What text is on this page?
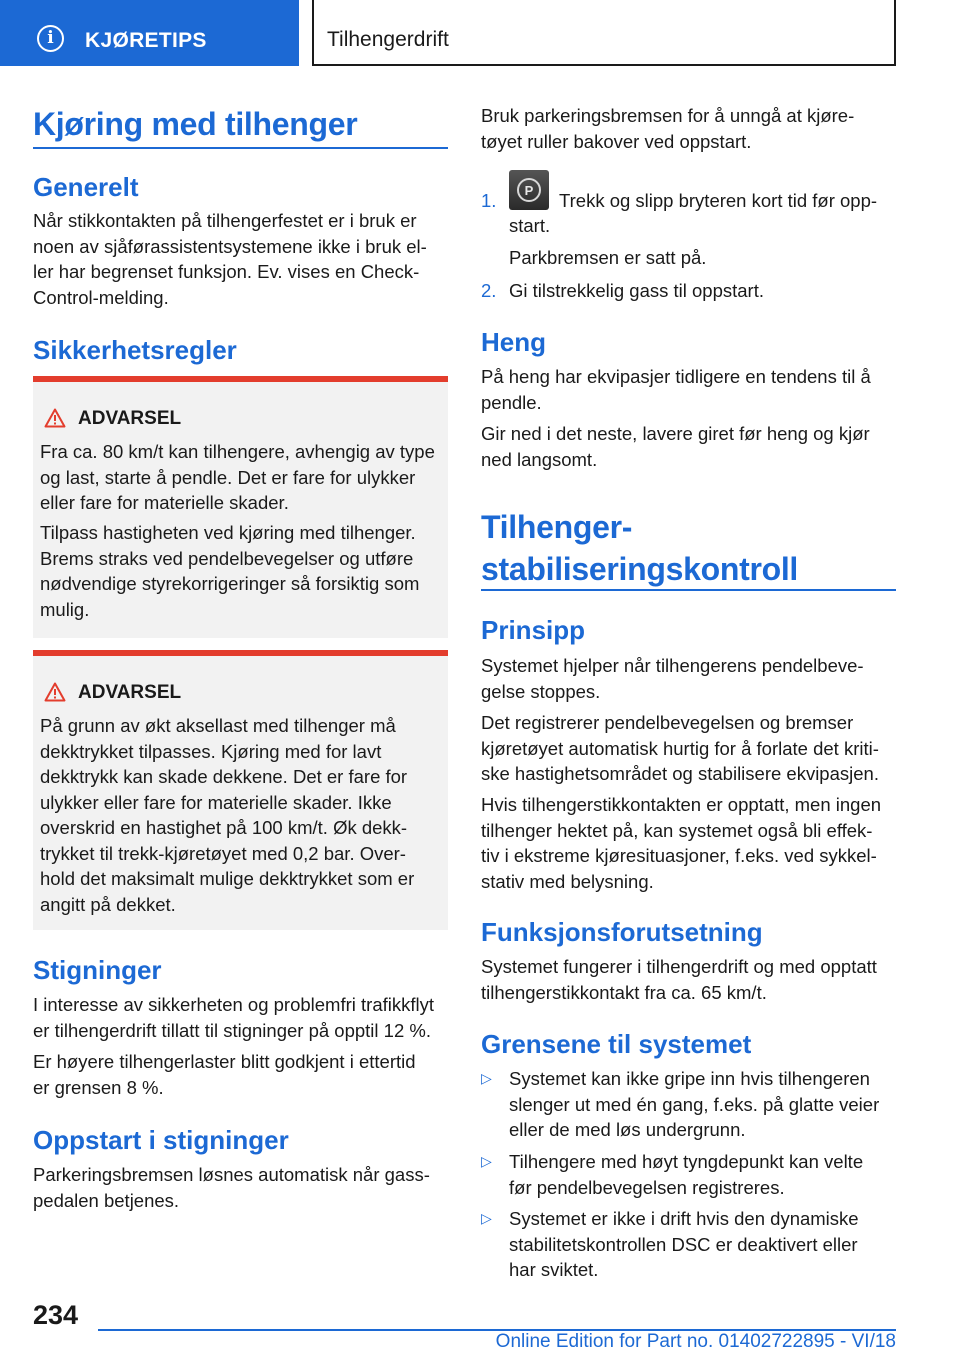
i	KJØRETIPS	Tilhengerdrift
Kjøring med tilhenger
Generelt
Når stikkontakten på tilhengerfestet er i bruk er
noen av sjåførassistentsystemene ikke i bruk el-
ler har begrenset funksjon. Ev. vises en Check-
Control-melding.
Sikkerhetsregler
ADVARSEL
Fra ca. 80 km/t kan tilhengere, avhengig av type
og last, starte å pendle. Det er fare for ulykker
eller fare for materielle skader.
Tilpass hastigheten ved kjøring med tilhenger.
Brems straks ved pendelbevegelser og utføre
nødvendige styrekorrigeringer så forsiktig som
mulig.
ADVARSEL
På grunn av økt aksellast med tilhenger må
dekktrykket tilpasses. Kjøring med for lavt
dekktrykk kan skade dekkene. Det er fare for
ulykker eller fare for materielle skader. Ikke
overskrid en hastighet på 100 km/t. Øk dekk-
trykket til trekk-kjøretøyet med 0,2 bar. Over-
hold det maksimalt mulige dekktrykket som er
angitt på dekket.
Stigninger
I interesse av sikkerheten og problemfri trafikkflyt
er tilhengerdrift tillatt til stigninger på opptil 12 %.
Er høyere tilhengerlaster blitt godkjent i ettertid
er grensen 8 %.
Oppstart i stigninger
Parkeringsbremsen løsnes automatisk når gass-
pedalen betjenes.
Bruk parkeringsbremsen for å unngå at kjøre-
tøyet ruller bakover ved oppstart.
1.	P	Trekk og slipp bryteren kort tid før opp-
start.
Parkbremsen er satt på.
2. Gi tilstrekkelig gass til oppstart.
Heng
På heng har ekvipasjer tidligere en tendens til å
pendle.
Gir ned i det neste, lavere giret før heng og kjør
ned langsomt.
Tilhenger-
stabiliseringskontroll
Prinsipp
Systemet hjelper når tilhengerens pendelbeve-
gelse stoppes.
Det registrerer pendelbevegelsen og bremser
kjøretøyet automatisk hurtig for å forlate det kriti-
ske hastighetsområdet og stabilisere ekvipasjen.
Hvis tilhengerstikkontakten er opptatt, men ingen
tilhenger hektet på, kan systemet også bli effek-
tiv i ekstreme kjøresituasjoner, f.eks. ved sykkel-
stativ med belysning.
Funksjonsforutsetning
Systemet fungerer i tilhengerdrift og med opptatt
tilhengerstikkontakt fra ca. 65 km/t.
Grensene til systemet
▷ Systemet kan ikke gripe inn hvis tilhengeren
slenger ut med én gang, f.eks. på glatte veier
eller de med løs undergrunn.
▷ Tilhengere med høyt tyngdepunkt kan velte
før pendelbevegelsen registreres.
▷ Systemet er ikke i drift hvis den dynamiske
stabilitetskontrollen DSC er deaktivert eller
har sviktet.
234
Online Edition for Part no. 01402722895 - VI/18
